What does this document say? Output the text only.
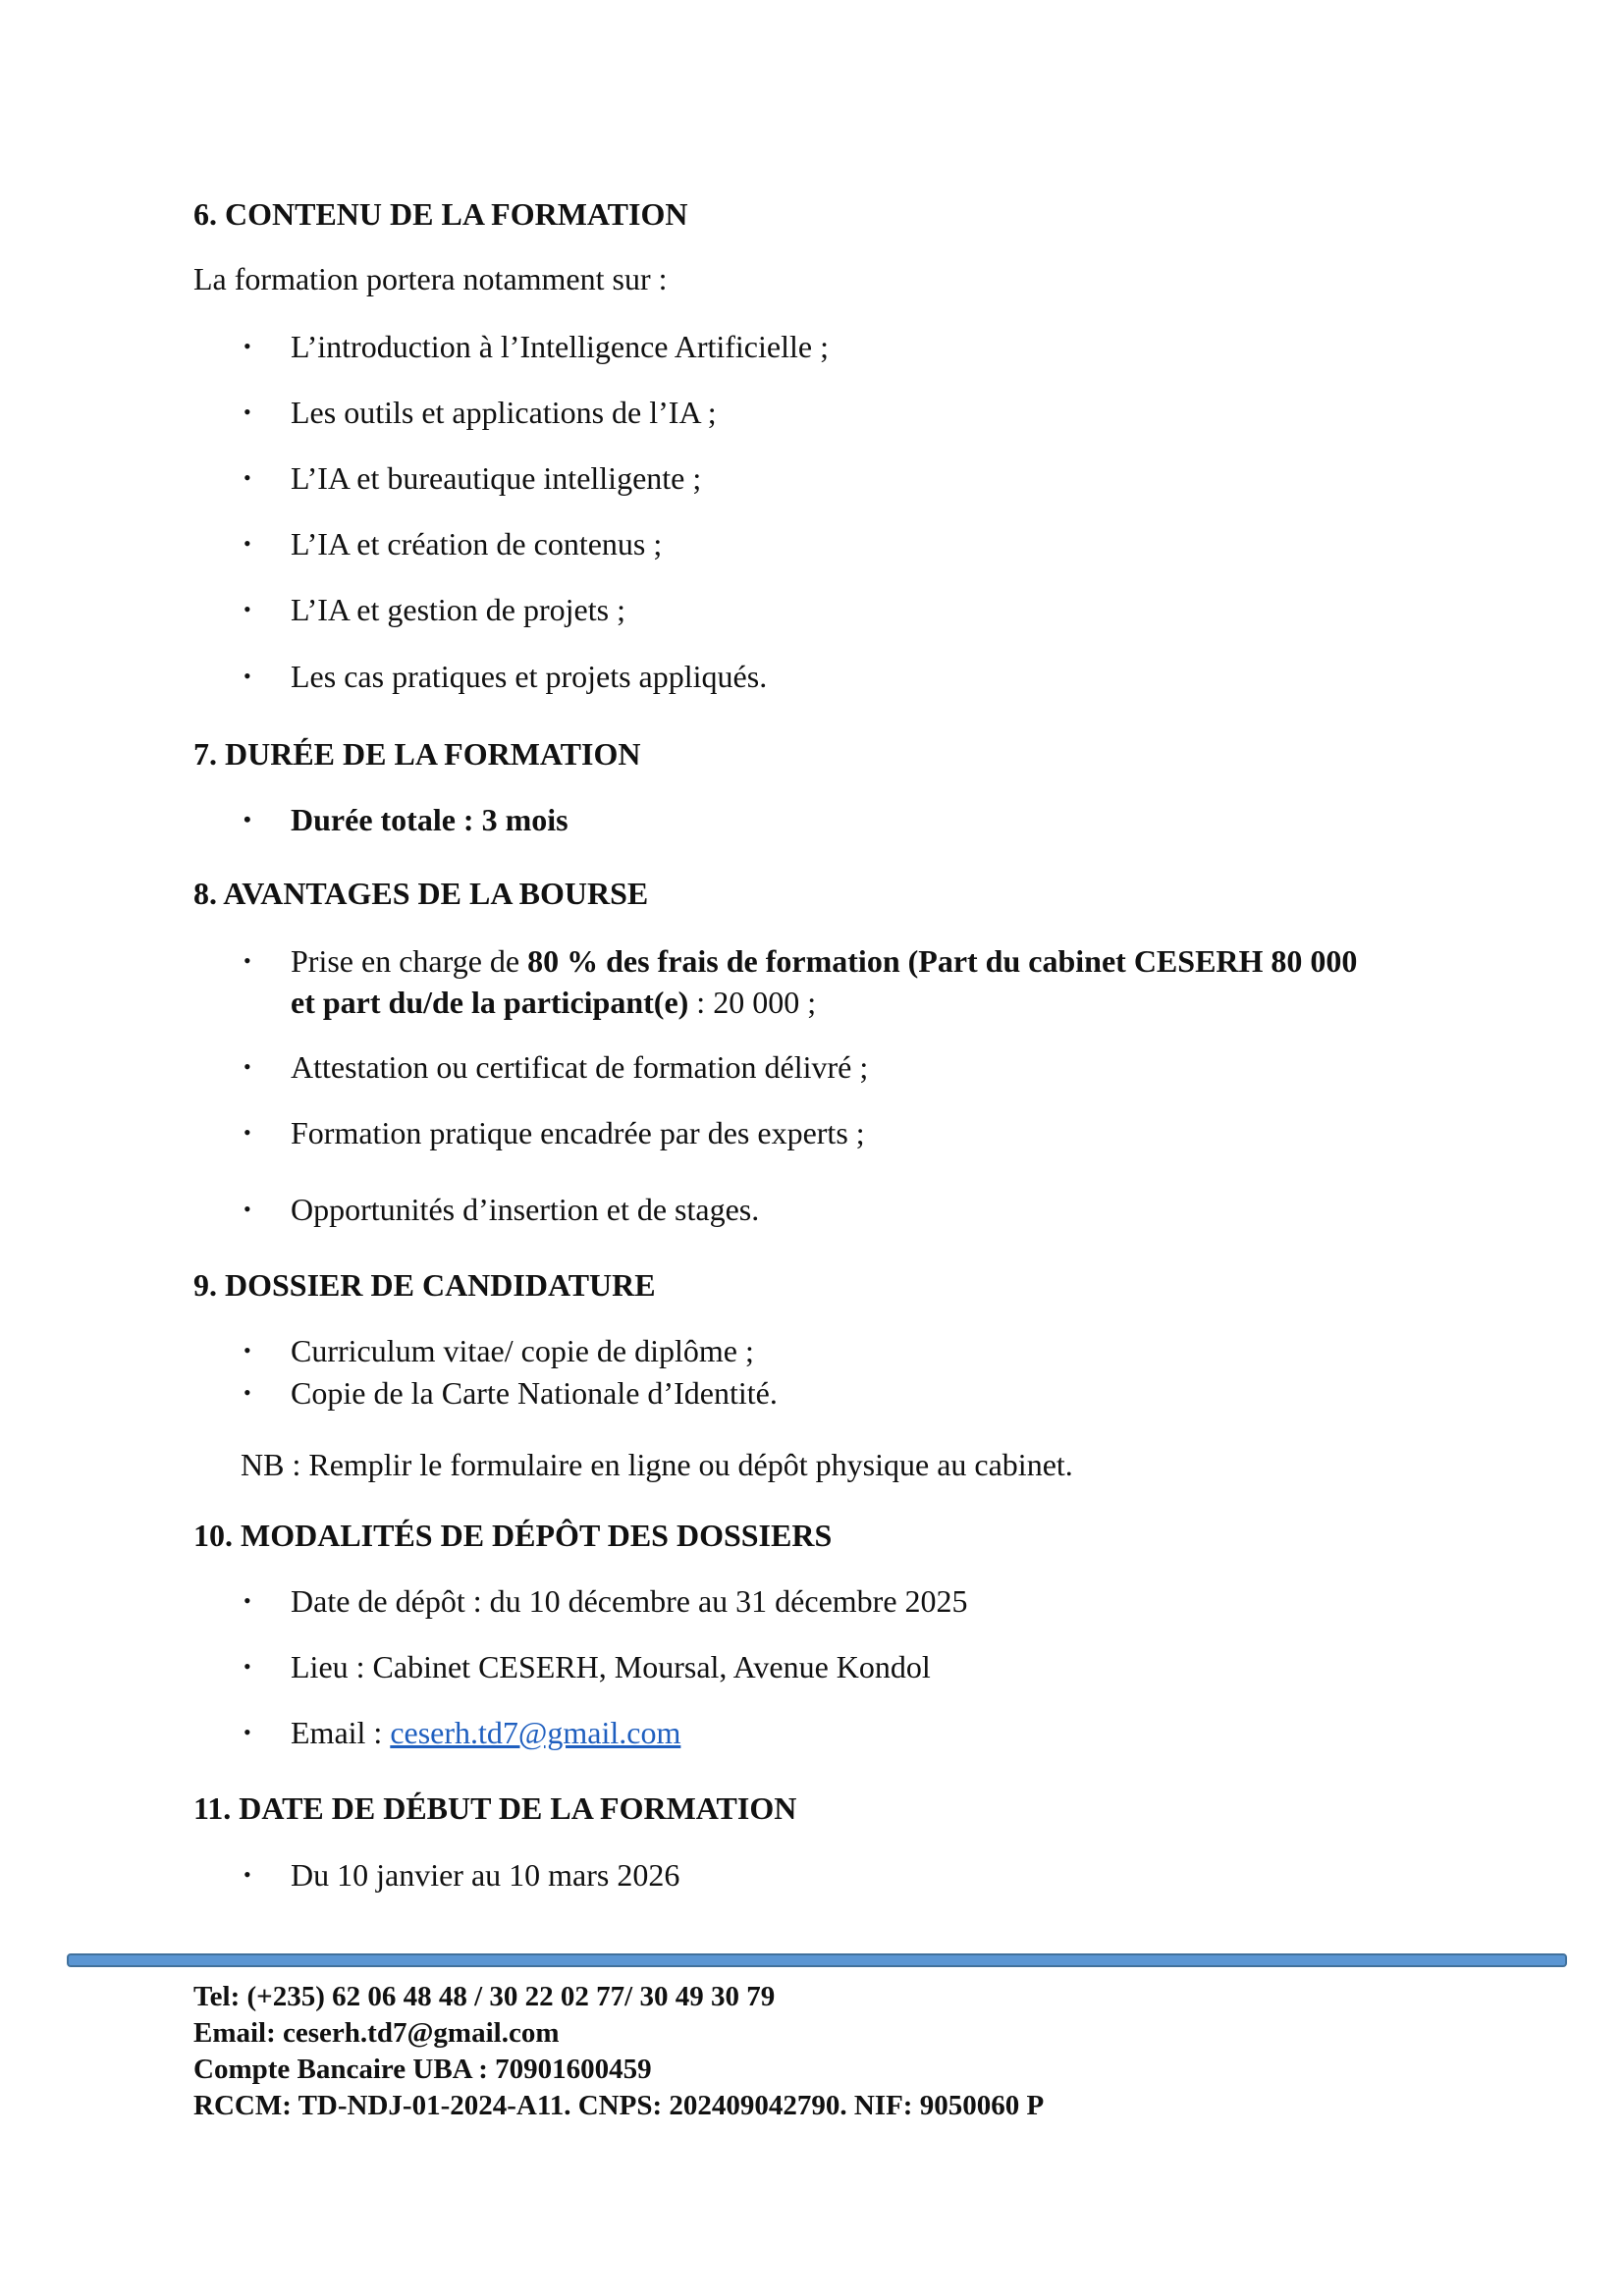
6. CONTENU DE LA FORMATION

La formation portera notamment sur :

•	L’introduction à l’Intelligence Artificielle ;
•	Les outils et applications de l’IA ;
•	L’IA et bureautique intelligente ;
•	L’IA et création de contenus ;
•	L’IA et gestion de projets ;
•	Les cas pratiques et projets appliqués.
7. DURÉE DE LA FORMATION
•	Durée totale : 3 mois
8. AVANTAGES DE LA BOURSE
•	Prise en charge de 80 % des frais de formation (Part du cabinet CESERH 80 000
et part du/de la participant(e) : 20 000 ;
•	Attestation ou certificat de formation délivré ;
•	Formation pratique encadrée par des experts ;
•	Opportunités d’insertion et de stages.
9. DOSSIER DE CANDIDATURE
•	Curriculum vitae/ copie de diplôme ;
•	Copie de la Carte Nationale d’Identité.

NB : Remplir le formulaire en ligne ou dépôt physique au cabinet.

10. MODALITÉS DE DÉPÔT DES DOSSIERS
•	Date de dépôt : du 10 décembre au 31 décembre 2025
•	Lieu : Cabinet CESERH, Moursal, Avenue Kondol
•	Email : ceserh.td7@gmail.com
11. DATE DE DÉBUT DE LA FORMATION
•	Du 10 janvier au 10 mars 2026
Tel: (+235) 62 06 48 48 / 30 22 02 77/ 30 49 30 79
Email: ceserh.td7@gmail.com
Compte Bancaire UBA : 70901600459
RCCM: TD-NDJ-01-2024-A11. CNPS: 202409042790. NIF: 9050060 P
